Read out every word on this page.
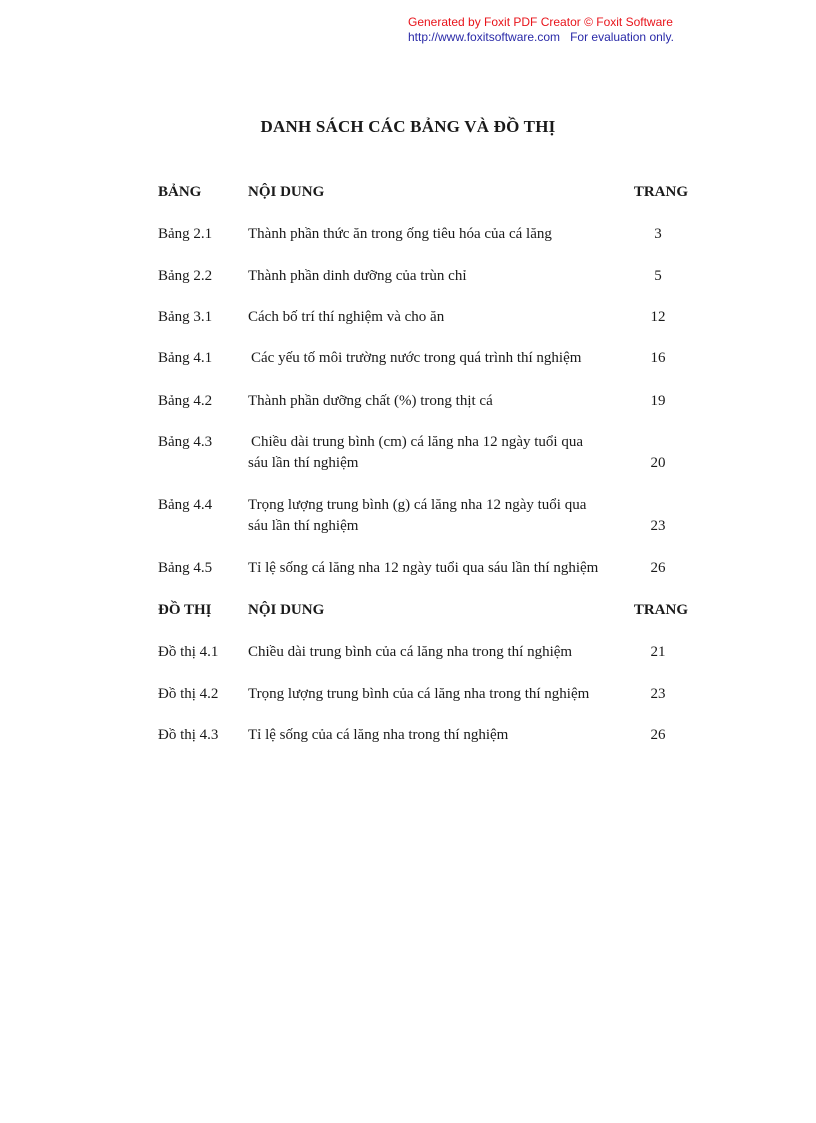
Generated by Foxit PDF Creator © Foxit Software
http://www.foxitsoftware.com For evaluation only.
DANH SÁCH CÁC BẢNG VÀ ĐỒ THỊ
BẢNG	NỘI DUNG	TRANG
Bảng 2.1 Thành phần thức ăn trong ống tiêu hóa của cá lăng	3
Bảng 2.2 Thành phần dinh dưỡng của trùn chỉ	5
Bảng 3.1 Cách bố trí thí nghiệm và cho ăn	12
Bảng 4.1	Các yếu tố môi trường nước trong quá trình thí nghiệm	16
Bảng 4.2 Thành phần dưỡng chất (%) trong thịt cá	19
Bảng 4.3	Chiều dài trung bình (cm) cá lăng nha 12 ngày tuổi qua
sáu lần thí nghiệm	20
Bảng 4.4 Trọng lượng trung bình (g) cá lăng nha 12 ngày tuổi qua
sáu lần thí nghiệm	23
Bảng 4.5 Tỉ lệ sống cá lăng nha 12 ngày tuổi qua sáu lần thí nghiệm	26
ĐỒ THỊ NỘI DUNG	TRANG
Đồ thị 4.1 Chiều dài trung bình của cá lăng nha trong thí nghiệm	21
Đồ thị 4.2 Trọng lượng trung bình của cá lăng nha trong thí nghiệm	23
Đồ thị 4.3 Tỉ lệ sống của cá lăng nha trong thí nghiệm	26
